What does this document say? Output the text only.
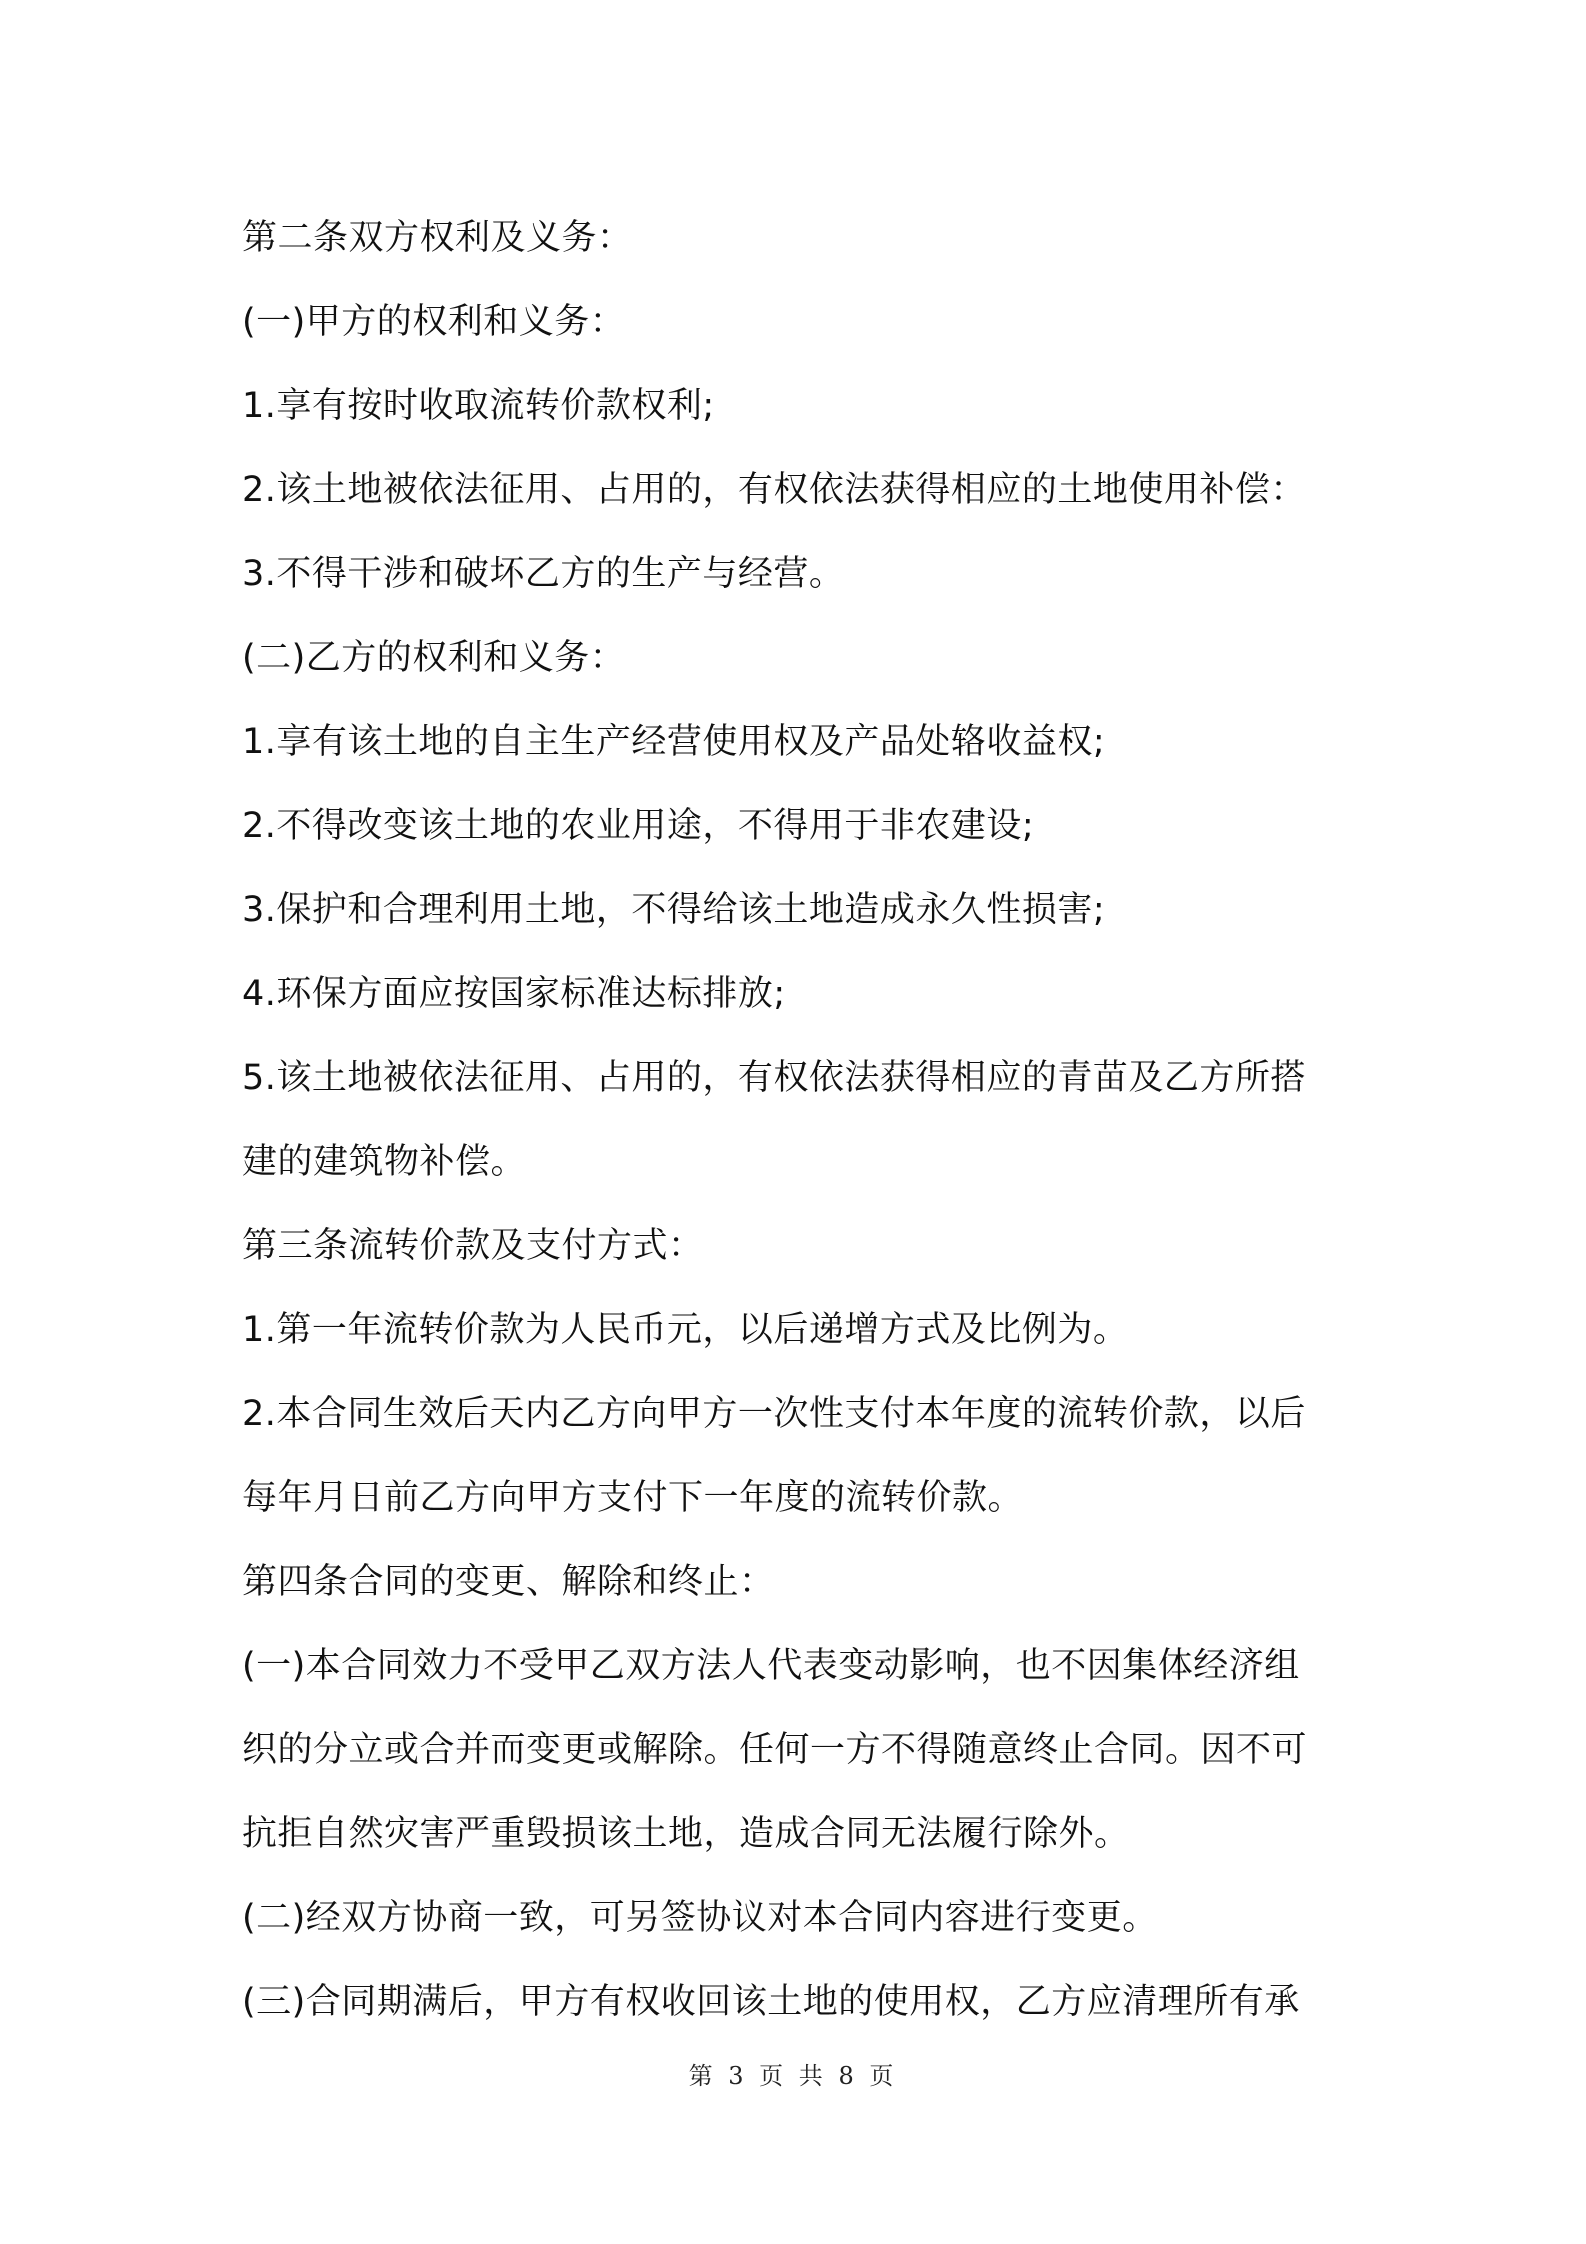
第二条双方权利及义务：
(一)甲方的权利和义务：
1.享有按时收取流转价款权利;
2.该土地被依法征用、占用的，有权依法获得相应的土地使用补偿：
3.不得干涉和破坏乙方的生产与经营。
(二)乙方的权利和义务：
1.享有该土地的自主生产经营使用权及产品处辂收益权;
2.不得改变该土地的农业用途，不得用于非农建设;
3.保护和合理利用土地，不得给该土地造成永久性损害;
4.环保方面应按国家标准达标排放;
5.该土地被依法征用、占用的，有权依法获得相应的青苗及乙方所搭
建的建筑物补偿。
第三条流转价款及支付方式：
1.第一年流转价款为人民币元，以后递增方式及比例为。
2.本合同生效后天内乙方向甲方一次性支付本年度的流转价款，以后
每年月日前乙方向甲方支付下一年度的流转价款。
第四条合同的变更、解除和终止：
(一)本合同效力不受甲乙双方法人代表变动影响，也不因集体经济组
织的分立或合并而变更或解除。任何一方不得随意终止合同。因不可
抗拒自然灾害严重毁损该土地，造成合同无法履行除外。
(二)经双方协商一致，可另签协议对本合同内容进行变更。
(三)合同期满后，甲方有权收回该土地的使用权，乙方应清理所有承
第 3 页 共 8 页
